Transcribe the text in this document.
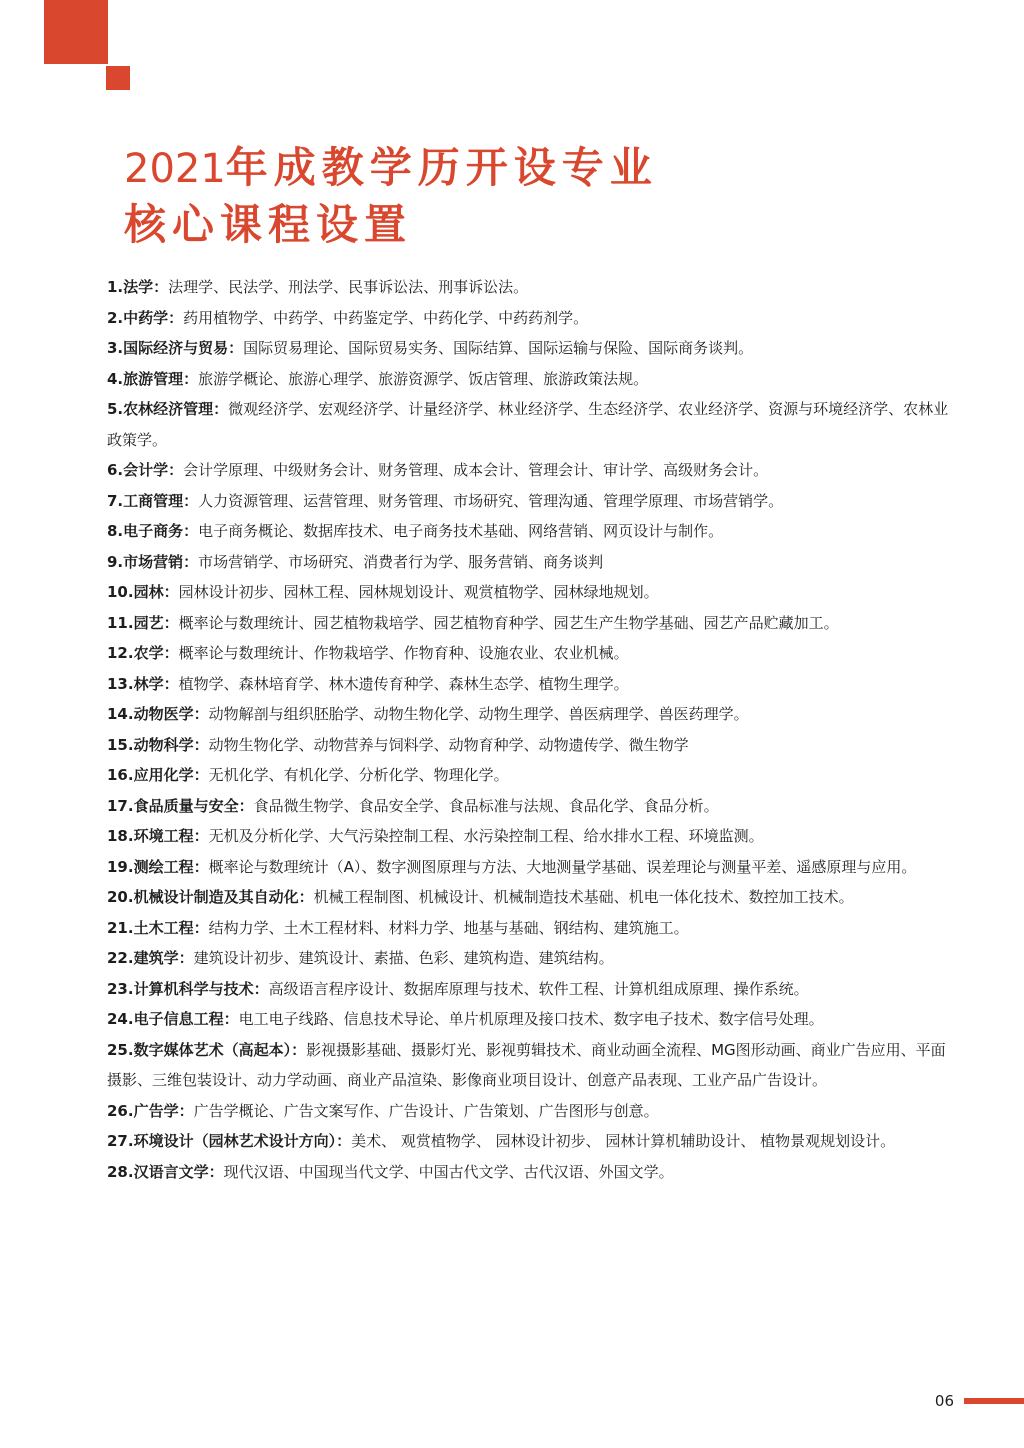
2021年成教学历开设专业
核心课程设置
1.法学：法理学、民法学、刑法学、民事诉讼法、刑事诉讼法。
2.中药学：药用植物学、中药学、中药鉴定学、中药化学、中药药剂学。
3.国际经济与贸易：国际贸易理论、国际贸易实务、国际结算、国际运输与保险、国际商务谈判。
4.旅游管理：旅游学概论、旅游心理学、旅游资源学、饭店管理、旅游政策法规。
5.农林经济管理：微观经济学、宏观经济学、计量经济学、林业经济学、生态经济学、农业经济学、资源与环境经济学、农林业政策学。
6.会计学：会计学原理、中级财务会计、财务管理、成本会计、管理会计、审计学、高级财务会计。
7.工商管理：人力资源管理、运营管理、财务管理、市场研究、管理沟通、管理学原理、市场营销学。
8.电子商务：电子商务概论、数据库技术、电子商务技术基础、网络营销、网页设计与制作。
9.市场营销：市场营销学、市场研究、消费者行为学、服务营销、商务谈判
10.园林：园林设计初步、园林工程、园林规划设计、观赏植物学、园林绿地规划。
11.园艺：概率论与数理统计、园艺植物栽培学、园艺植物育种学、园艺生产生物学基础、园艺产品贮藏加工。
12.农学：概率论与数理统计、作物栽培学、作物育种、设施农业、农业机械。
13.林学：植物学、森林培育学、林木遗传育种学、森林生态学、植物生理学。
14.动物医学：动物解剖与组织胚胎学、动物生物化学、动物生理学、兽医病理学、兽医药理学。
15.动物科学：动物生物化学、动物营养与饲料学、动物育种学、动物遗传学、微生物学
16.应用化学：无机化学、有机化学、分析化学、物理化学。
17.食品质量与安全：食品微生物学、食品安全学、食品标准与法规、食品化学、食品分析。
18.环境工程：无机及分析化学、大气污染控制工程、水污染控制工程、给水排水工程、环境监测。
19.测绘工程：概率论与数理统计（A）、数字测图原理与方法、大地测量学基础、误差理论与测量平差、遥感原理与应用。
20.机械设计制造及其自动化：机械工程制图、机械设计、机械制造技术基础、机电一体化技术、数控加工技术。
21.土木工程：结构力学、土木工程材料、材料力学、地基与基础、钢结构、建筑施工。
22.建筑学：建筑设计初步、建筑设计、素描、色彩、建筑构造、建筑结构。
23.计算机科学与技术：高级语言程序设计、数据库原理与技术、软件工程、计算机组成原理、操作系统。
24.电子信息工程：电工电子线路、信息技术导论、单片机原理及接口技术、数字电子技术、数字信号处理。
25.数字媒体艺术（高起本）：影视摄影基础、摄影灯光、影视剪辑技术、商业动画全流程、MG图形动画、商业广告应用、平面摄影、三维包装设计、动力学动画、商业产品渲染、影像商业项目设计、创意产品表现、工业产品广告设计。
26.广告学：广告学概论、广告文案写作、广告设计、广告策划、广告图形与创意。
27.环境设计（园林艺术设计方向）：美术、 观赏植物学、 园林设计初步、 园林计算机辅助设计、 植物景观规划设计。
28.汉语言文学：现代汉语、中国现当代文学、中国古代文学、古代汉语、外国文学。
06
